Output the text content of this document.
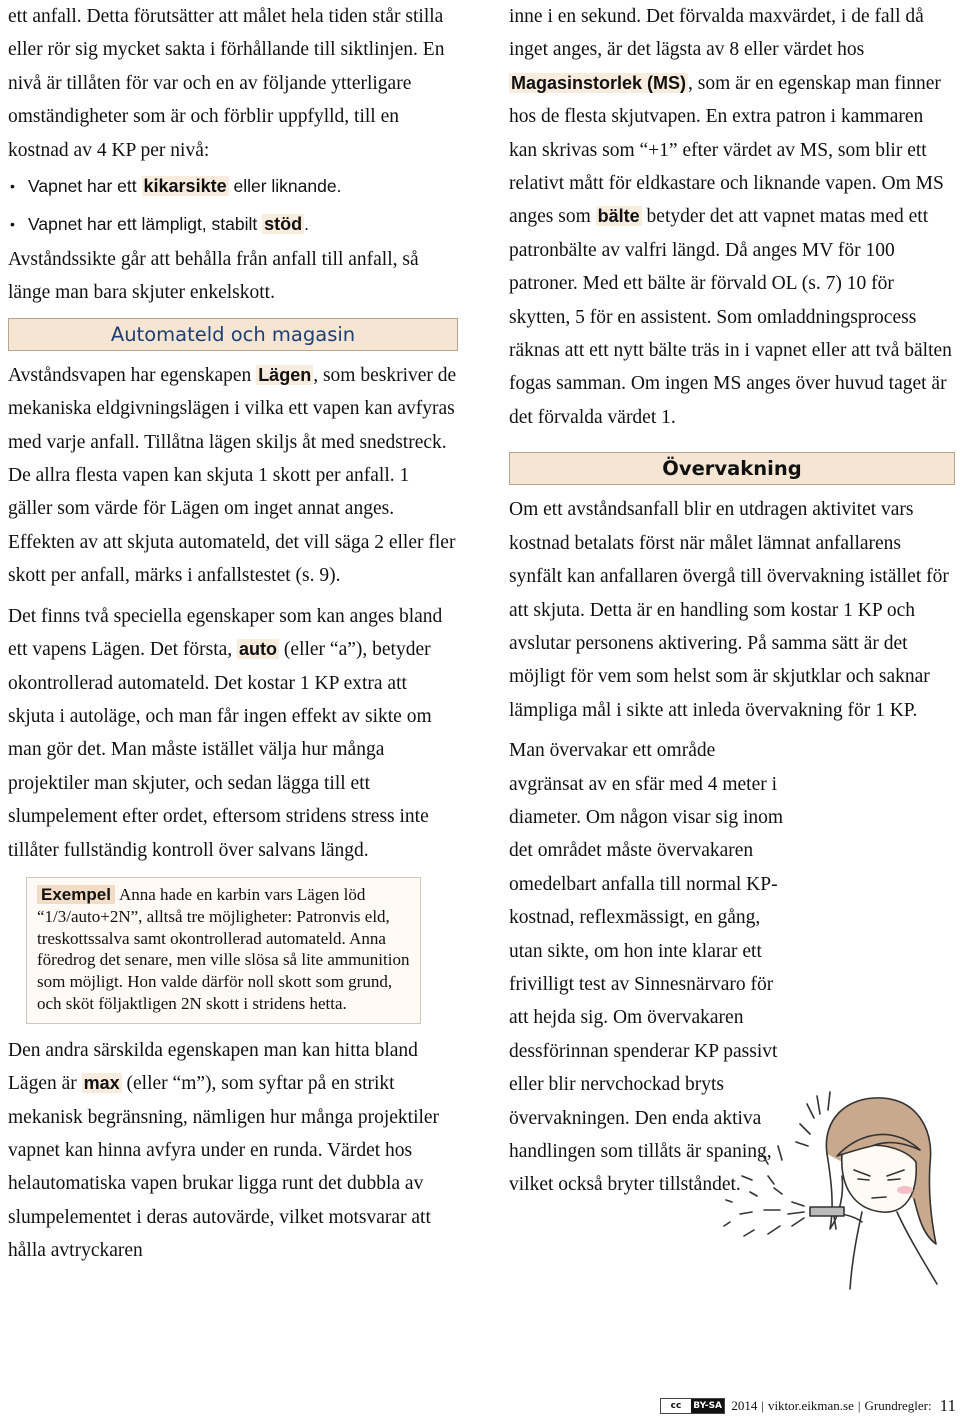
ett anfall. Detta förutsätter att målet hela tiden står stilla eller rör sig mycket sakta i förhållande till siktlinjen. En nivå är tillåten för var och en av följande ytterligare omständigheter som är och förblir uppfylld, till en kostnad av 4 KP per nivå:

• Vapnet har ett kikarsikte eller liknande.
• Vapnet har ett lämpligt, stabilt stöd .

Avståndssikte går att behålla från anfall till anfall, så länge man bara skjuter enkelskott.

Automateld och magasin

Avståndsvapen har egenskapen Lägen , som beskriver de mekaniska eldgivningslägen i vilka ett vapen kan avfyras med varje anfall. Tillåtna lägen skiljs åt med snedstreck. De allra flesta vapen kan skjuta 1 skott per anfall. 1 gäller som värde för Lägen om inget annat anges. Effekten av att skjuta automateld, det vill säga 2 eller fler skott per anfall, märks i anfallstestet (s. 9).

Det finns två speciella egenskaper som kan anges bland ett vapens Lägen. Det första, auto (eller “a”), betyder okontrollerad automateld. Det kostar 1 KP extra att skjuta i autoläge, och man får ingen effekt av sikte om man gör det. Man måste istället välja hur många projektiler man skjuter, och sedan lägga till ett slumpelement efter ordet, eftersom stridens stress inte tillåter fullständig kontroll över salvans längd.

Exempel Anna hade en karbin vars Lägen löd “1/3/auto+2N”, alltså tre möjligheter: Patronvis eld, treskottssalva samt okontrollerad automateld. Anna föredrog det senare, men ville slösa så lite ammunition som möjligt. Hon valde därför noll skott som grund, och sköt följaktligen 2N skott i stridens hetta.

Den andra särskilda egenskapen man kan hitta bland Lägen är max (eller “m”), som syftar på en strikt mekanisk begränsning, nämligen hur många projektiler vapnet kan hinna avfyra under en runda. Värdet hos helautomatiska vapen brukar ligga runt det dubbla av slumpelementet i deras autovärde, vilket motsvarar att hålla avtryckaren

inne i en sekund. Det förvalda maxvärdet, i de fall då inget anges, är det lägsta av 8 eller värdet hos Magasinstorlek (MS) , som är en egenskap man finner hos de flesta skjutvapen. En extra patron i kammaren kan skrivas som “+1” efter värdet av MS, som blir ett relativt mått för eldkastare och liknande vapen. Om MS anges som bälte betyder det att vapnet matas med ett patronbälte av valfri längd. Då anges MV för 100 patroner. Med ett bälte är förvald OL (s. 7) 10 för skytten, 5 för en assistent. Som omladdningsprocess räknas att ett nytt bälte träs in i vapnet eller att två bälten fogas samman. Om ingen MS anges över huvud taget är det förvalda värdet 1.

Övervakning

Om ett avståndsanfall blir en utdragen aktivitet vars kostnad betalats först när målet lämnat anfallarens synfält kan anfallaren övergå till övervakning istället för att skjuta. Detta är en handling som kostar 1 KP och avslutar personens aktivering. På samma sätt är det möjligt för vem som helst som är skjutklar och saknar lämpliga mål i sikte att inleda övervakning för 1 KP.

Man övervakar ett område avgränsat av en sfär med 4 meter i diameter. Om någon visar sig inom det området måste övervakaren omedelbart anfalla till normal KP-kostnad, reflexmässigt, en gång, utan sikte, om hon inte klarar ett frivilligt test av Sinnesnärvaro för att hejda sig. Om övervakaren dessförinnan spenderar KP passivt eller blir nervchockad bryts övervakningen. Den enda aktiva handlingen som tillåts är spaning, vilket också bryter tillståndet.

cc	BY-SA 2014 | viktor.eikman.se | Grundregler: 11
